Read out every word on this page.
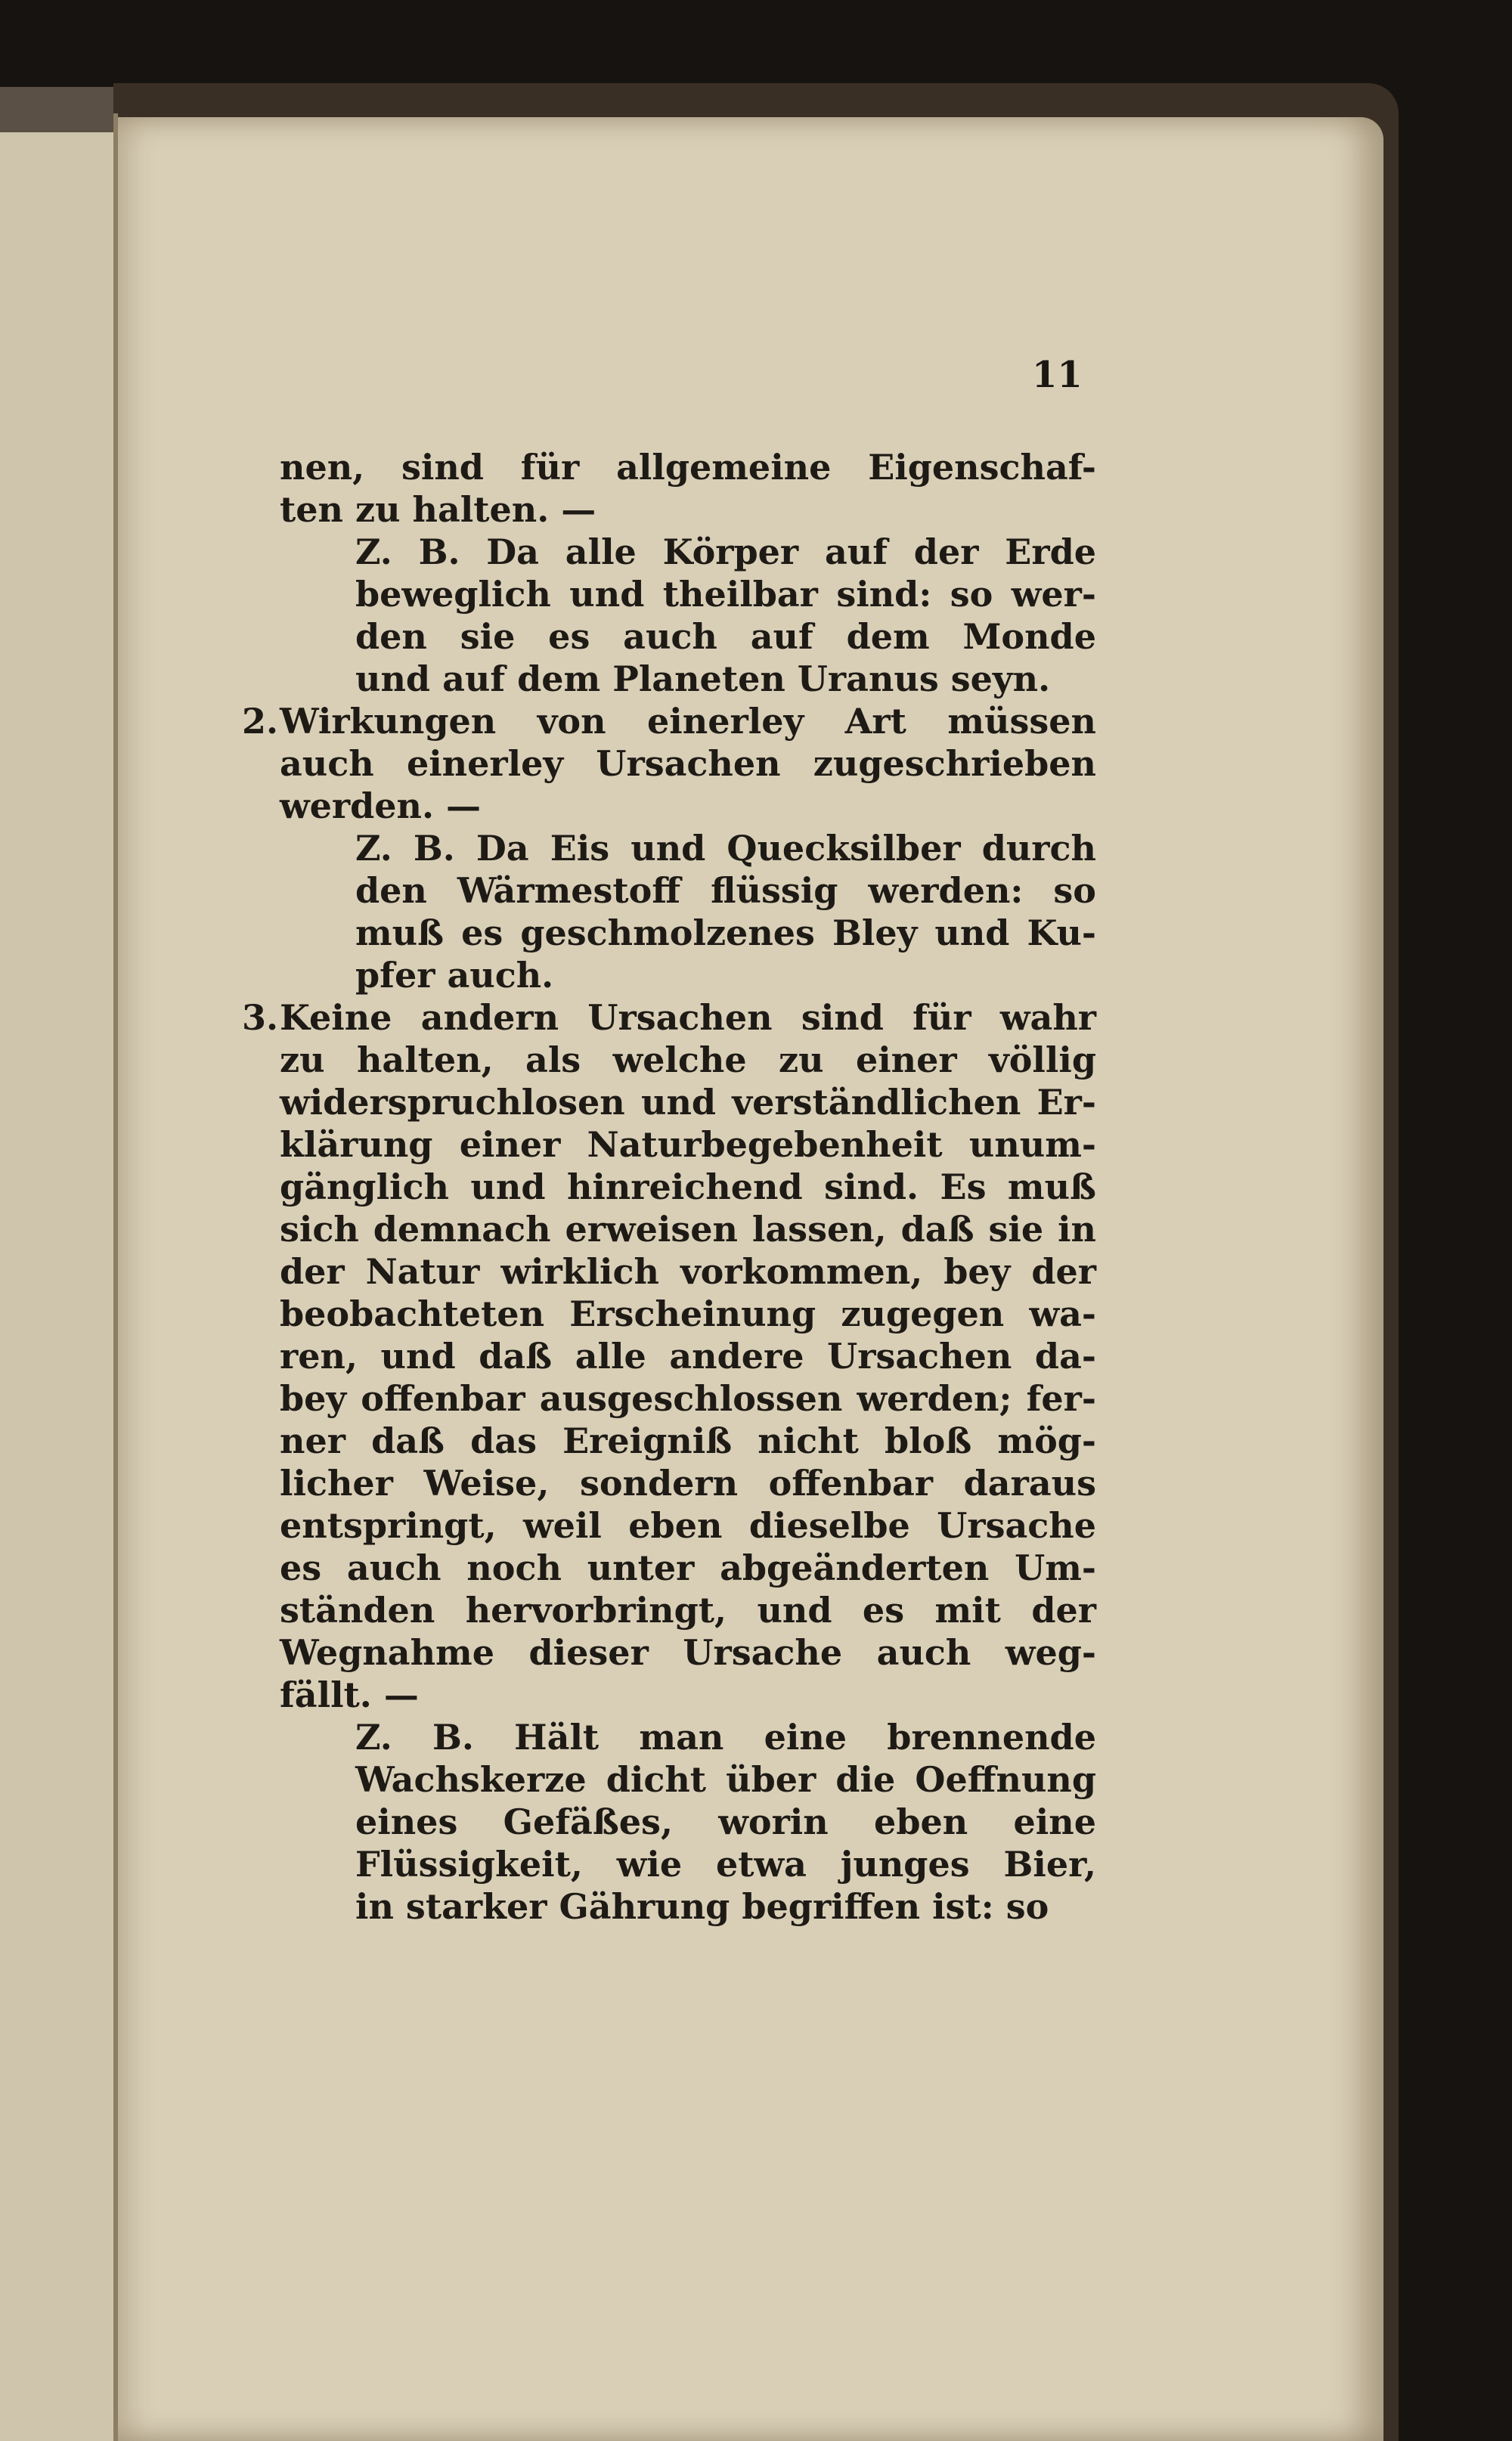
11
nen, sind für allgemeine Eigenschaf-
ten zu halten. —
Z. B. Da alle Körper auf der Erde
beweglich und theilbar sind: so wer-
den sie es auch auf dem Monde
und auf dem Planeten Uranus seyn.
2. Wirkungen von einerley Art müssen
auch einerley Ursachen zugeschrieben
werden. —
Z. B. Da Eis und Quecksilber durch
den Wärmestoff flüssig werden: so
muß es geschmolzenes Bley und Ku-
pfer auch.
3. Keine andern Ursachen sind für wahr
zu halten, als welche zu einer völlig
widerspruchlosen und verständlichen Er-
klärung einer Naturbegebenheit unum-
gänglich und hinreichend sind. Es muß
sich demnach erweisen lassen, daß sie in
der Natur wirklich vorkommen, bey der
beobachteten Erscheinung zugegen wa-
ren, und daß alle andere Ursachen da-
bey offenbar ausgeschlossen werden; fer-
ner daß das Ereigniß nicht bloß mög-
licher Weise, sondern offenbar daraus
entspringt, weil eben dieselbe Ursache
es auch noch unter abgeänderten Um-
ständen hervorbringt, und es mit der
Wegnahme dieser Ursache auch weg-
fällt. —
Z. B. Hält man eine brennende
Wachskerze dicht über die Oeffnung
eines Gefäßes, worin eben eine
Flüssigkeit, wie etwa junges Bier,
in starker Gährung begriffen ist: so
